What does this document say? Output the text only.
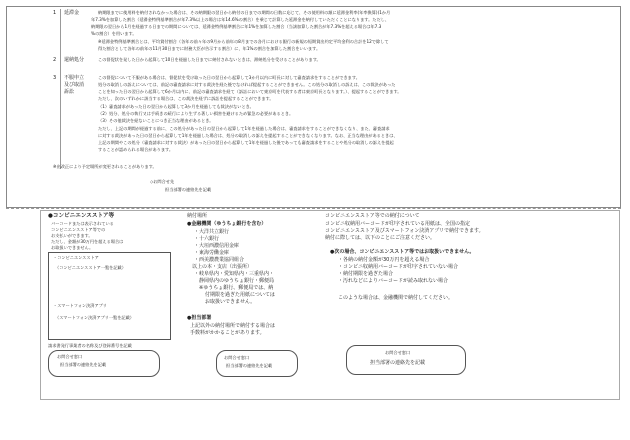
1 延滞金	納期限までに使用料を納付されなかった場合は、その納期限の翌日から納付の日までの期間の日数に応じて、その使用料の額に延滞金利率(年率換算)(1か月
年7.3%を加算した割合（延滞金特例基準割合が年7.3%以上の場合は年14.6%の割合）を乗じて計算した延滞金を納付していただくことになります。ただし、
納期限の翌日から1月を経過する日までの期間については、延滞金特例基準割合に年1%を加算した割合（当該加算した割合が年7.3%を超える場合は年7.3
%の割合）を用います。
※延滞金特例基準割合とは、平均貸付割合（各年の前々年の9月から前年の8月までの各月における銀行の新規の短期貸出約定平均金利の合計を12で除して
得た割合として各年の前年の11月30日までに財務大臣が告示する割合）に、年1%の割合を加算した割合をいいます。
2 還納処分	この督促状を発した日から起算して10日を経過した日までに納付されないときは、滞納処分を受けることがあります。
3 不服申立
及び取消
訴訟
この督促について不服がある場合は、督促状を受け取った日の翌日から起算して3か月以内に町長に対して審査請求をすることができます。
処分の取消しの訴えについては、前記の審査請求に対する裁決を経た後でなければ提起することができません。この処分の取消しの訴えは、この裁決があった
ことを知った日の翌日から起算して6か月以内に、前記の審査請求を経て（訴訟において東京町を代表する者は東京町長となります。）、提起することができます。
ただし、次のいずれかに該当する場合は、この裁決を経ずに訴訟を提起することができます。
（1）審査請求があった日の翌日から起算して3か月を経過しても裁決がないとき。
（2）処分、処分の執行又は手続きの続行により生ずる著しい損害を避けるため緊急の必要があるとき。
（3）その他裁決を経ないことにつき正当な理由があるとき。
ただし、上記の期間が経過する前に、この処分があった日の翌日から起算して1年を経過した場合は、審査請求をすることができなくなり、また、審査請求
に対する裁決があった日の翌日から起算して1年を経過した場合は、処分の取消しの訴えを提起することができなくなります。なお、正当な理由があるときは、
上記の期間やこの処分（審査請求に対する裁決）があった日の翌日から起算して1年を経過した後であっても審査請求をすることや処分の取消しの訴えを提起
することが認められる場合があります。
※出改正により予定場所が変更されることがあります。
◇お問合せ先
担当部署の連絡先を記載
●コンビニエンスストア等
バーコードまたは表示されている
コンビニエンスストア等での
お支払いができます。
ただし、金額が30万円を超える場合は
お取扱いできません。
・コンビニエンスストア
（コンビニエンスストア一覧を記載）
・スマートフォン決済アプリ
（スマートフォン決済アプリ一覧を記載）
請求書発行事業者の名称及び登録番号を記載
お問合せ窓口
担当部署の連絡先を記載
納付場所
●金融機関（ゆうちょ銀行を含む）
・大洋共立銀行
・十六銀行
・大垣西濃信用金庫
・東海労働金庫
・西美濃農業協同組合
以上の本・支店（出張所）
・岐阜県内・愛知県内・三重県内・
静岡県内のゆうちょ銀行・郵便局
※ゆうちょ銀行、郵便局では、納
付期限を過ぎた用紙については
お取扱いできません。
●担当部署
上記以外の納付場所で納付する場合は
手数料がかかることがあります。
お問合せ窓口
担当部署の連絡先を記載
コンビニエンスストア等での納付について
コンビニ収納用バーコードが印字されている用紙は、全国の指定
コンビニエンスストア及びスマートフォン決済アプリで納付できます。
納付に際しては、以下のことにご注意ください。
●次の場合、コンビニエンスストア等ではお取扱いできません。
・各納の納付金額が30万円を超える場合
・コンビニ収納用バーコードが印字されていない場合
・納付期限を過ぎた場合
・汚れなどによりバーコードが読み取れない場合
このような場合は、金融機関で納付してください。
お問合せ窓口
担当部署の連絡先を記載
